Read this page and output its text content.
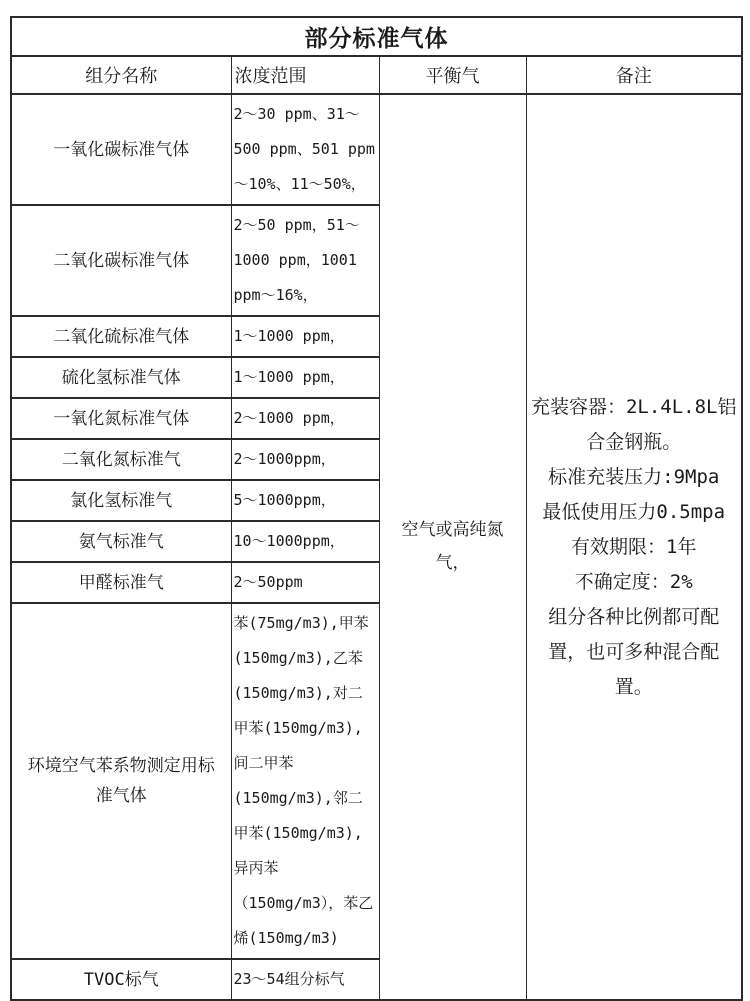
部分标准气体			
组分名称	浓度范围	平衡气	备注
一氧化碳标准气体	2～30 ppm、31～500 ppm、501 ppm～10%、11～50%，	
空气或高纯氮气，

充装容器：2L.4L.8L铝合金钢瓶。
标准充装压力:9Mpa
最低使用压力0.5mpa
有效期限：1年
不确定度：2%
组分各种比例都可配置，也可多种混合配置。

二氧化碳标准气体	2～50 ppm，51～1000 ppm，1001 ppm～16%，		
二氧化硫标准气体	1～1000 ppm，		
硫化氢标准气体	1～1000 ppm，		
一氧化氮标准气体	2～1000 ppm，		
二氧化氮标准气	2～1000ppm，		
氯化氢标准气	5～1000ppm，		
氨气标准气	10～1000ppm，		
甲醛标准气	2～50ppm		
环境空气苯系物测定用标准气体	苯(75mg/m3),甲苯(150mg/m3),乙苯(150mg/m3),对二甲苯(150mg/m3),间二甲苯(150mg/m3),邻二甲苯(150mg/m3),异丙苯（150mg/m3），苯乙烯(150mg/m3)		
TVOC标气	23～54组分标气		
